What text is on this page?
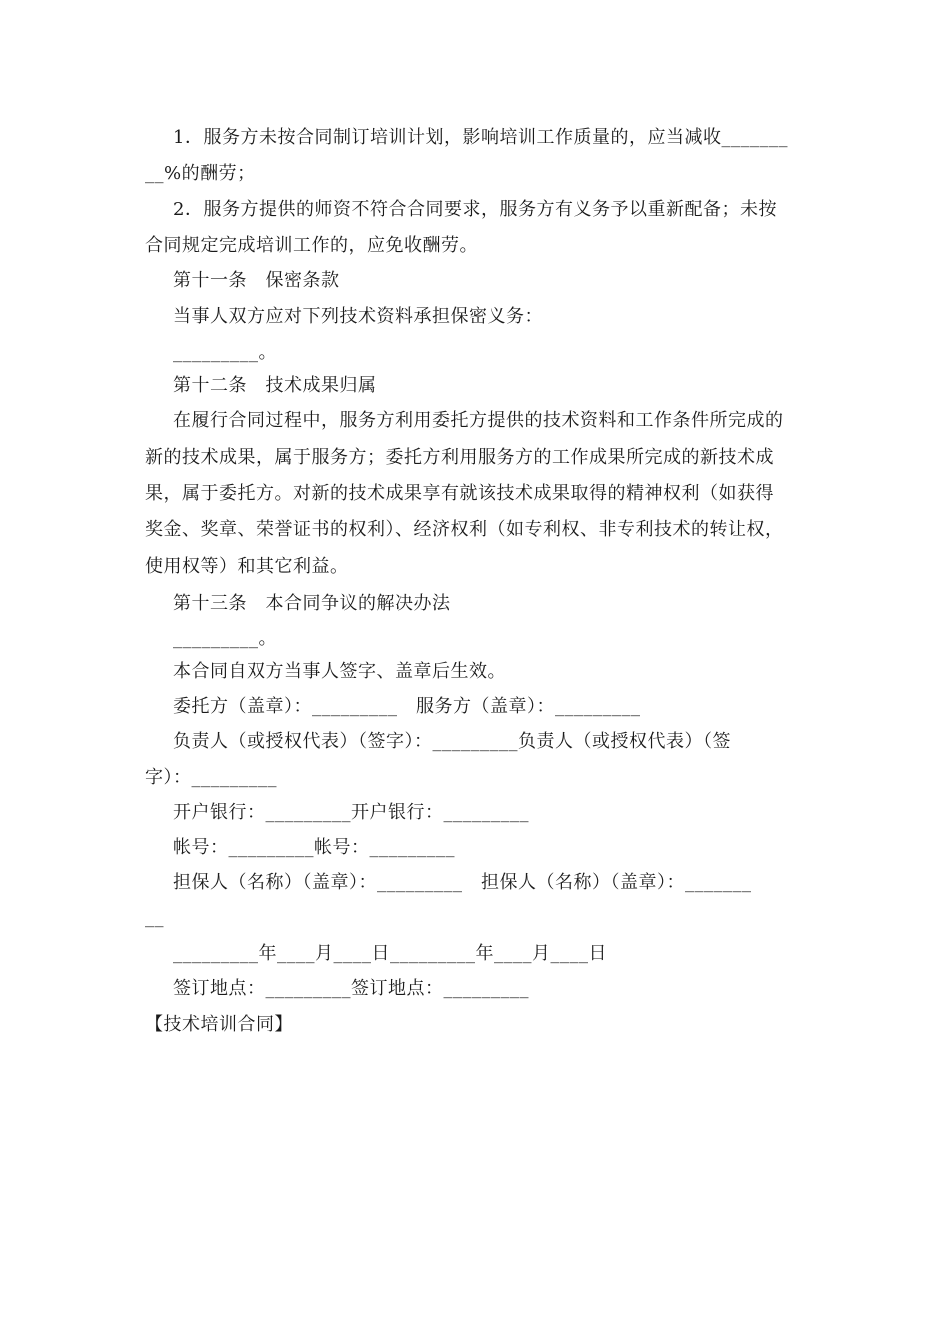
1．服务方未按合同制订培训计划，影响培训工作质量的，应当减收_______
__%的酬劳；
2．服务方提供的师资不符合合同要求，服务方有义务予以重新配备；未按
合同规定完成培训工作的，应免收酬劳。
第十一条　保密条款
当事人双方应对下列技术资料承担保密义务：
_________。
第十二条　技术成果归属
在履行合同过程中，服务方利用委托方提供的技术资料和工作条件所完成的
新的技术成果，属于服务方；委托方利用服务方的工作成果所完成的新技术成
果，属于委托方。对新的技术成果享有就该技术成果取得的精神权利（如获得
奖金、奖章、荣誉证书的权利）、经济权利（如专利权、非专利技术的转让权，
使用权等）和其它利益。
第十三条　本合同争议的解决办法
_________。
本合同自双方当事人签字、盖章后生效。
委托方（盖章）：_________　服务方（盖章）：_________
负责人（或授权代表）（签字）：_________负责人（或授权代表）（签
字）：_________
开户银行：_________开户银行：_________
帐号：_________帐号：_________
担保人（名称）（盖章）：_________　担保人（名称）（盖章）：_______
__
_________年____月____日_________年____月____日
签订地点：_________签订地点：_________
【技术培训合同】
